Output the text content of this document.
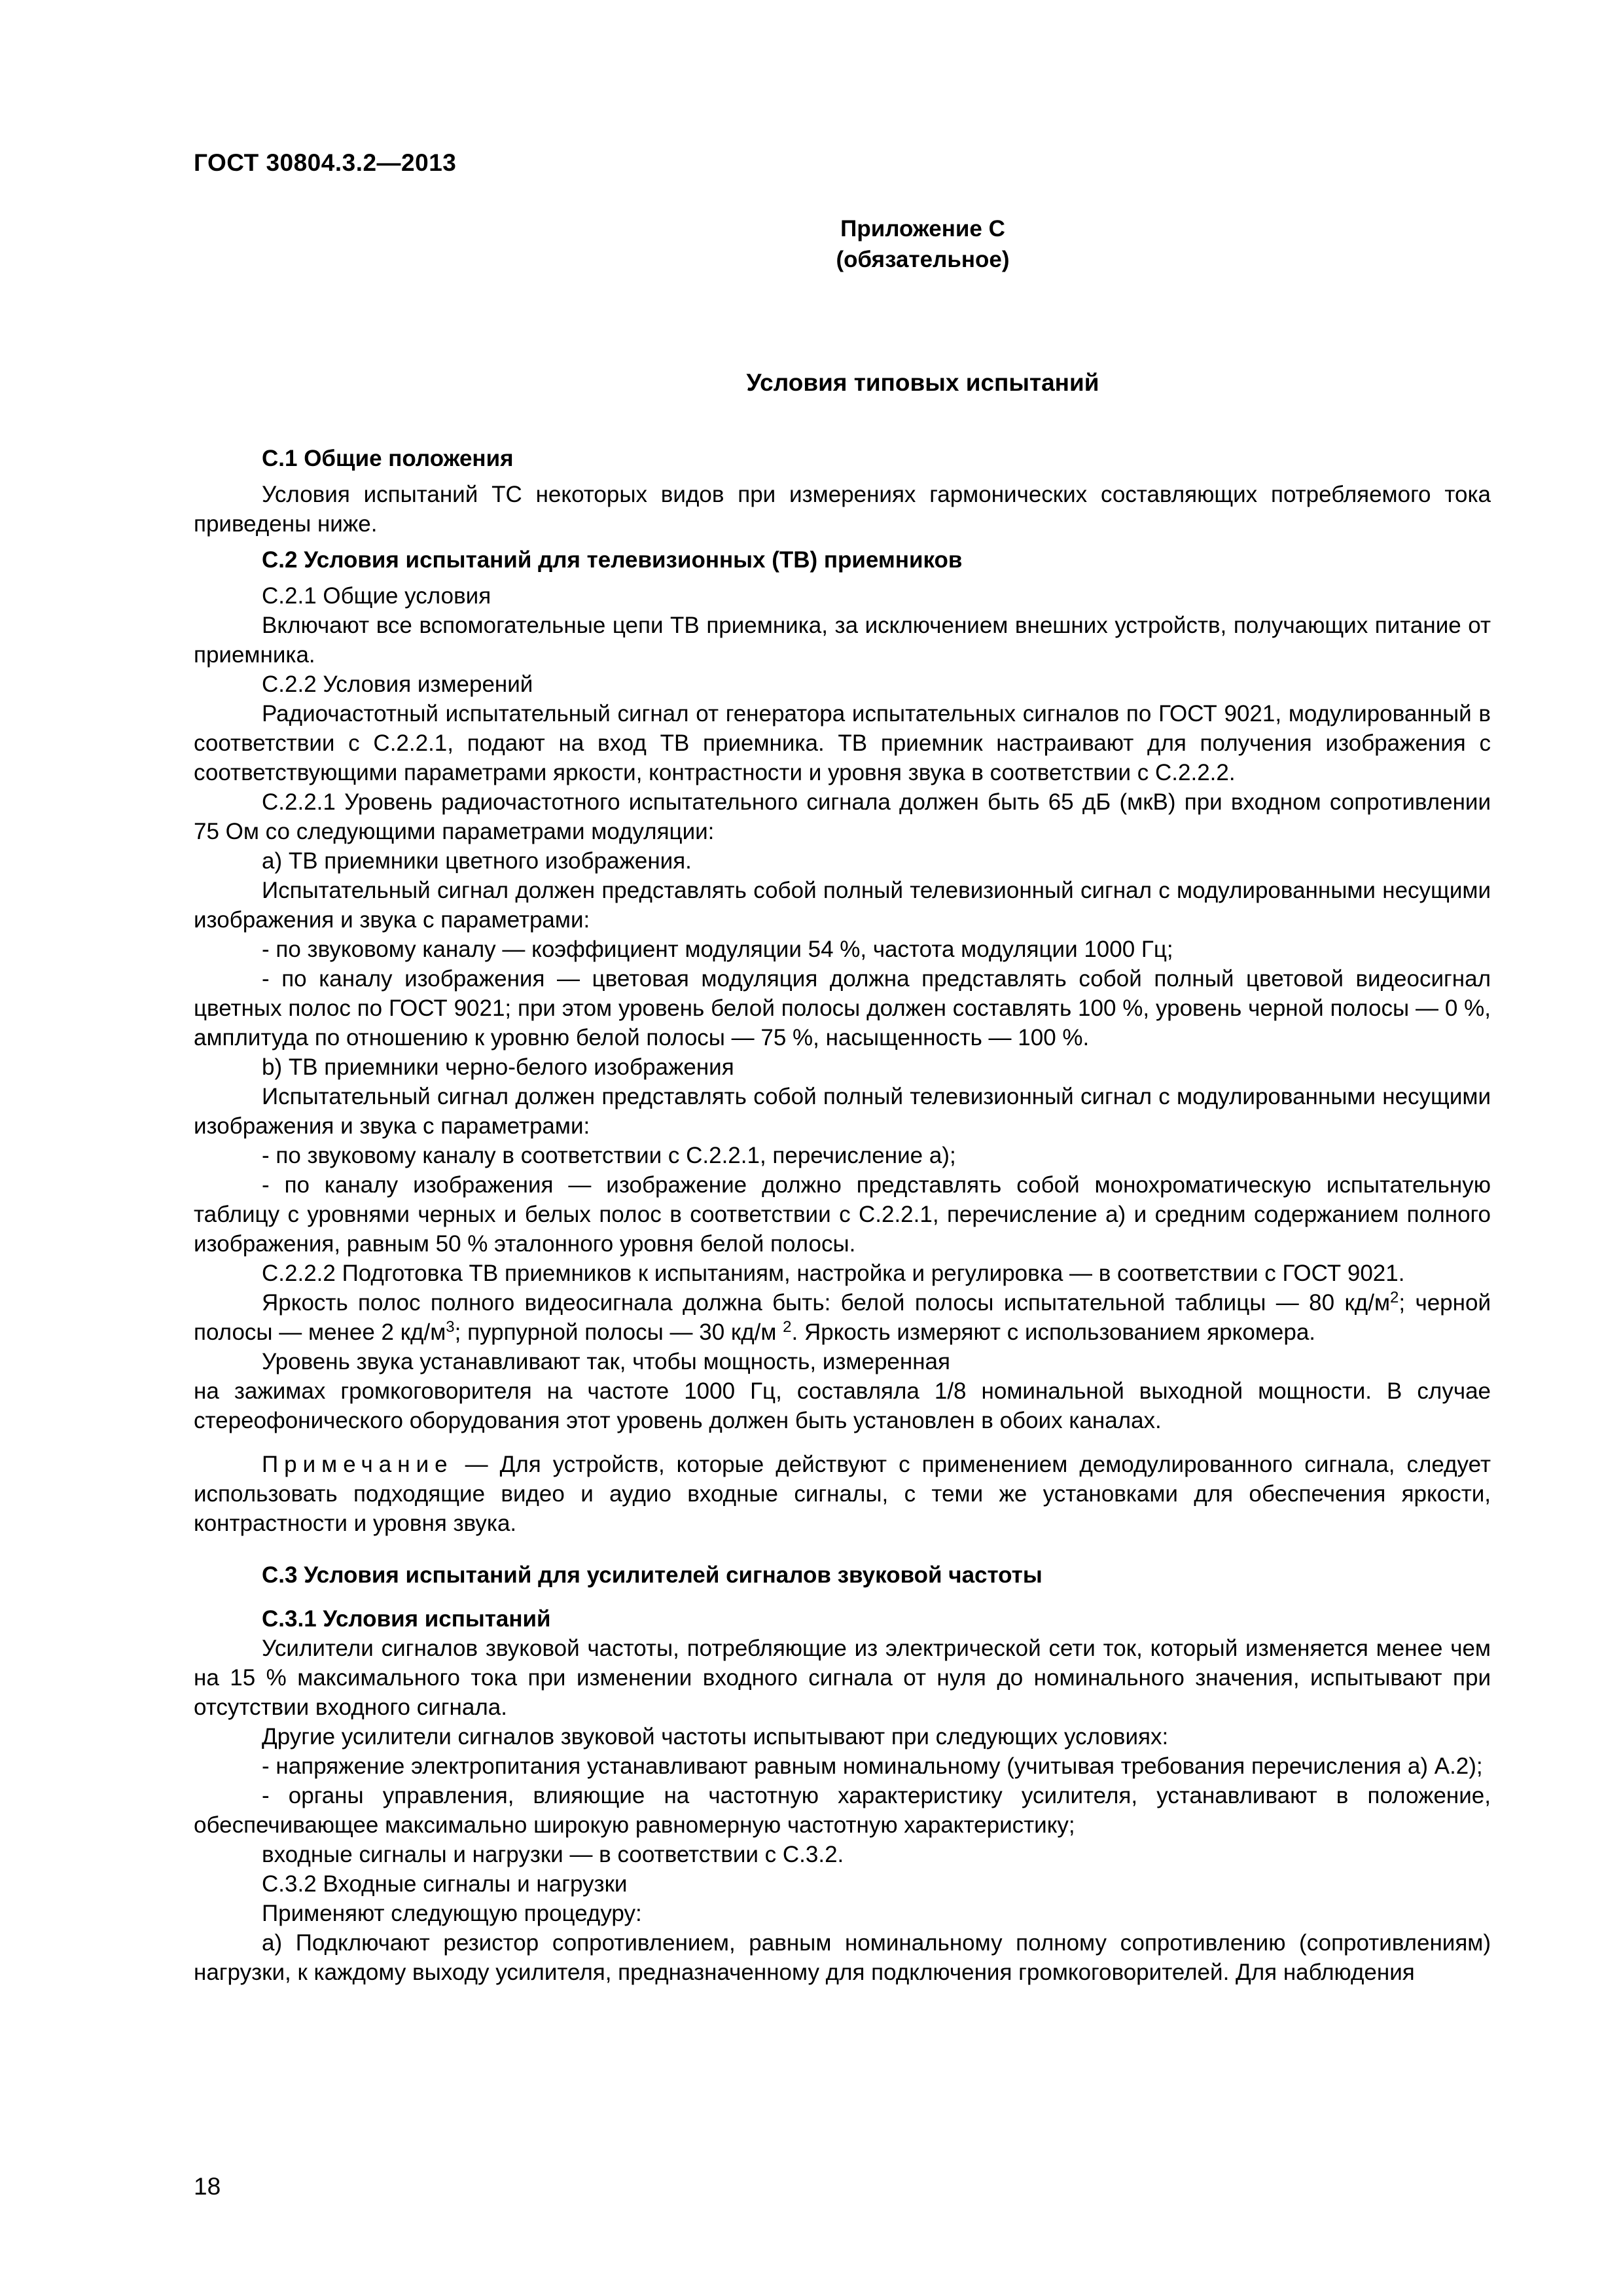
ГОСТ 30804.3.2—2013
Приложение С
(обязательное)
Условия типовых испытаний

С.1 Общие положения

Условия испытаний ТС некоторых видов при измерениях гармонических составляющих потребляемого тока приведены ниже.

С.2 Условия испытаний для телевизионных (ТВ) приемников

С.2.1 Общие условия

Включают все вспомогательные цепи ТВ приемника, за исключением внешних устройств, получающих питание от приемника.

С.2.2 Условия измерений

Радиочастотный испытательный сигнал от генератора испытательных сигналов по ГОСТ 9021, модулированный в соответствии с С.2.2.1, подают на вход ТВ приемника. ТВ приемник настраивают для получения изображения с соответствующими параметрами яркости, контрастности и уровня звука в соответствии с С.2.2.2.

С.2.2.1 Уровень радиочастотного испытательного сигнала должен быть 65 дБ (мкВ) при входном сопротивлении 75 Ом со следующими параметрами модуляции:

а) ТВ приемники цветного изображения.

Испытательный сигнал должен представлять собой полный телевизионный сигнал с модулированными несущими изображения и звука с параметрами:

- по звуковому каналу — коэффициент модуляции 54 %, частота модуляции 1000 Гц;

- по каналу изображения — цветовая модуляция должна представлять собой полный цветовой видеосигнал цветных полос по ГОСТ 9021; при этом уровень белой полосы должен составлять 100 %, уровень черной полосы — 0 %, амплитуда по отношению к уровню белой полосы — 75 %, насыщенность — 100 %.

b) ТВ приемники черно-белого изображения

Испытательный сигнал должен представлять собой полный телевизионный сигнал с модулированными несущими изображения и звука с параметрами:

- по звуковому каналу в соответствии с С.2.2.1, перечисление а);

- по каналу изображения — изображение должно представлять собой монохроматическую испытательную таблицу с уровнями черных и белых полос в соответствии с С.2.2.1, перечисление а) и средним содержанием полного изображения, равным 50 % эталонного уровня белой полосы.

С.2.2.2 Подготовка ТВ приемников к испытаниям, настройка и регулировка — в соответствии с ГОСТ 9021.

Яркость полос полного видеосигнала должна быть: белой полосы испытательной таблицы — 80 $кд/м^2$; черной полосы — менее 2 $кд/м^3$; пурпурной полосы — 30 кд/м $^2$. Яркость измеряют с использованием яркомера.

Уровень звука устанавливают так, чтобы мощность, измеренная

на зажимах громкоговорителя на частоте 1000 Гц, составляла 1/8 номинальной выходной мощности. В случае стереофонического оборудования этот уровень должен быть установлен в обоих каналах.

Примечание — Для устройств, которые действуют с применением демодулированного сигнала, следует использовать подходящие видео и аудио входные сигналы, с теми же установками для обеспечения яркости, контрастности и уровня звука.

С.3 Условия испытаний для усилителей сигналов звуковой частоты

С.3.1 Условия испытаний

Усилители сигналов звуковой частоты, потребляющие из электрической сети ток, который изменяется менее чем на 15 % максимального тока при изменении входного сигнала от нуля до номинального значения, испытывают при отсутствии входного сигнала.

Другие усилители сигналов звуковой частоты испытывают при следующих условиях:

- напряжение электропитания устанавливают равным номинальному (учитывая требования перечисления а) А.2);

- органы управления, влияющие на частотную характеристику усилителя, устанавливают в положение, обеспечивающее максимально широкую равномерную частотную характеристику;

входные сигналы и нагрузки — в соответствии с С.3.2.

С.3.2 Входные сигналы и нагрузки

Применяют следующую процедуру:

а) Подключают резистор сопротивлением, равным номинальному полному сопротивлению (сопротивлениям) нагрузки, к каждому выходу усилителя, предназначенному для подключения громкоговорителей. Для наблюдения

18
